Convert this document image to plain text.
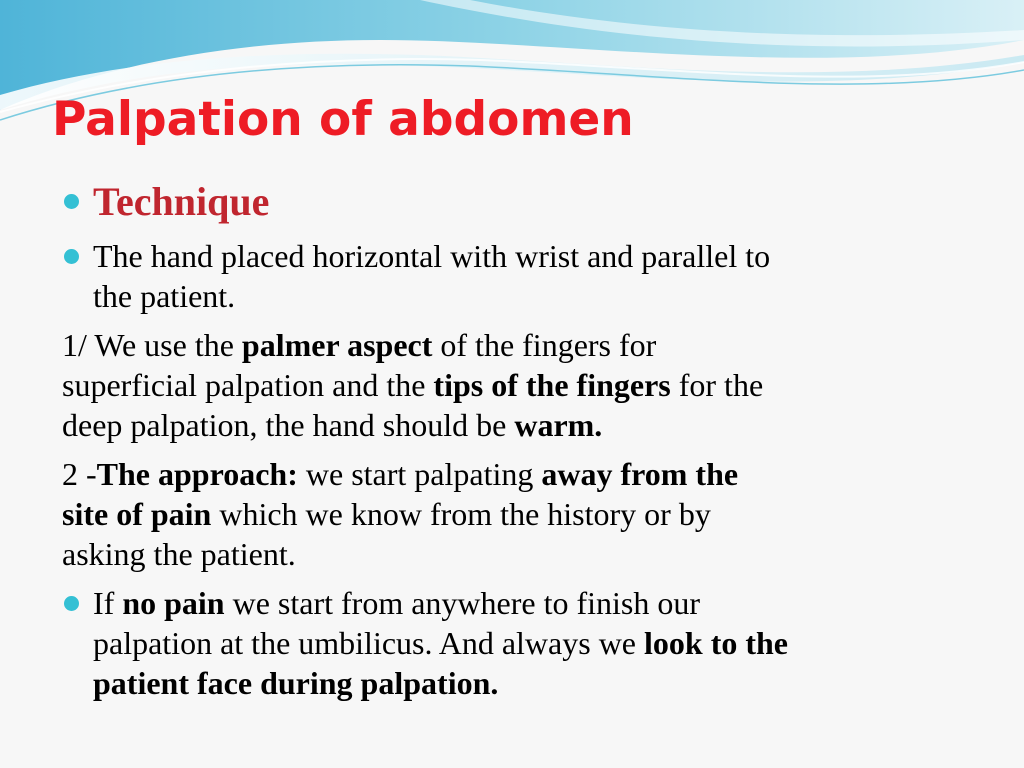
Palpation of abdomen
Technique
The hand placed horizontal with wrist and parallel to
the patient.
1/ We use the palmer aspect of the fingers for
superficial palpation and the tips of the fingers for the
deep palpation, the hand should be warm.
2 -The approach: we start palpating away from the
site of pain which we know from the history or by
asking the patient.
If no pain we start from anywhere to finish our
palpation at the umbilicus. And always we look to the
patient face during palpation.
